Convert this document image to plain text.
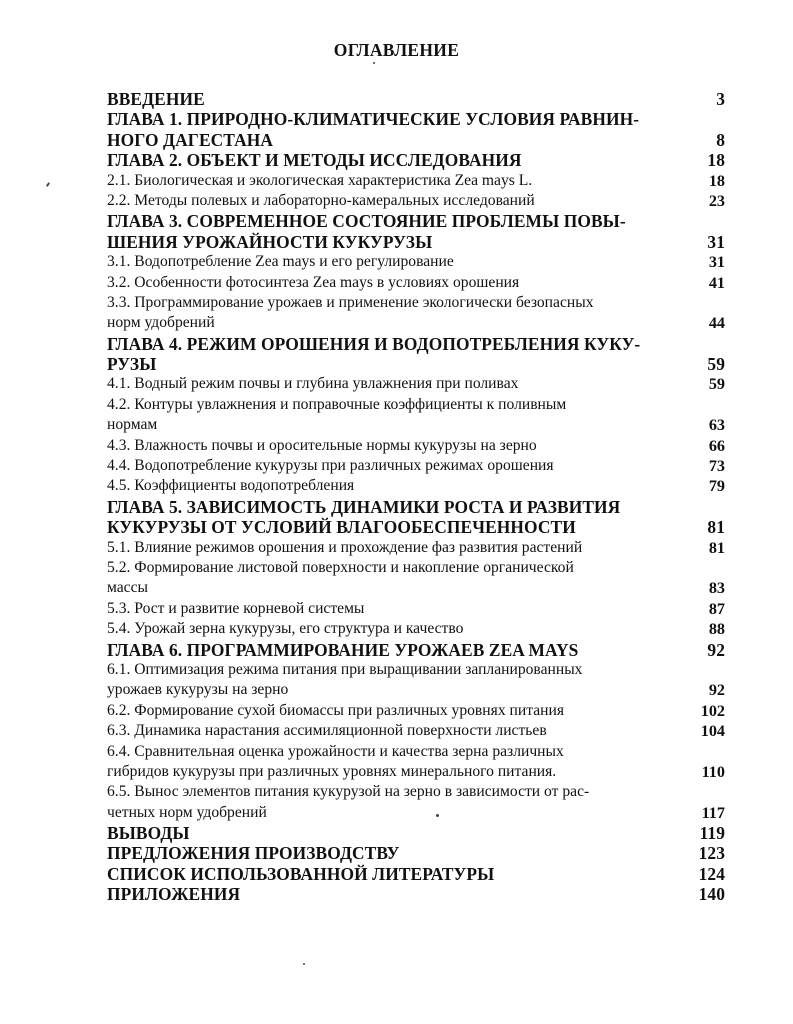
ОГЛАВЛЕНИЕ
ВВЕДЕНИЕ	3
ГЛАВА 1. ПРИРОДНО-КЛИМАТИЧЕСКИЕ УСЛОВИЯ РАВНИН-
НОГО ДАГЕСТАНА	8
ГЛАВА 2. ОБЪЕКТ И МЕТОДЫ ИССЛЕДОВАНИЯ	18
2.1. Биологическая и экологическая характеристика Zea mays L.	18
2.2. Методы полевых и лабораторно-камеральных исследований	23
ГЛАВА 3. СОВРЕМЕННОЕ СОСТОЯНИЕ ПРОБЛЕМЫ ПОВЫ-
ШЕНИЯ УРОЖАЙНОСТИ КУКУРУЗЫ	31
3.1. Водопотребление Zea mays и его регулирование	31
3.2. Особенности фотосинтеза Zea mays в условиях орошения	41
3.3. Программирование урожаев и применение экологически безопасных
норм удобрений	44
ГЛАВА 4. РЕЖИМ ОРОШЕНИЯ И ВОДОПОТРЕБЛЕНИЯ КУКУ-
РУЗЫ	59
4.1. Водный режим почвы и глубина увлажнения при поливах	59
4.2. Контуры увлажнения и поправочные коэффициенты к поливным
нормам	63
4.3. Влажность почвы и оросительные нормы кукурузы на зерно	66
4.4. Водопотребление кукурузы при различных режимах орошения	73
4.5. Коэффициенты водопотребления	79
ГЛАВА 5. ЗАВИСИМОСТЬ ДИНАМИКИ РОСТА И РАЗВИТИЯ
КУКУРУЗЫ ОТ УСЛОВИЙ ВЛАГООБЕСПЕЧЕННОСТИ	81
5.1. Влияние режимов орошения и прохождение фаз развития растений	81
5.2. Формирование листовой поверхности и накопление органической
массы	83
5.3. Рост и развитие корневой системы	87
5.4. Урожай зерна кукурузы, его структура и качество	88
ГЛАВА 6. ПРОГРАММИРОВАНИЕ УРОЖАЕВ ZEA MAYS	92
6.1. Оптимизация режима питания при выращивании запланированных
урожаев кукурузы на зерно	92
6.2. Формирование сухой биомассы при различных уровнях питания	102
6.3. Динамика нарастания ассимиляционной поверхности листьев	104
6.4. Сравнительная оценка урожайности и качества зерна различных
гибридов кукурузы при различных уровнях минерального питания.	110
6.5. Вынос элементов питания кукурузой на зерно в зависимости от рас-
четных норм удобрений	117
ВЫВОДЫ	119
ПРЕДЛОЖЕНИЯ ПРОИЗВОДСТВУ	123
СПИСОК ИСПОЛЬЗОВАННОЙ ЛИТЕРАТУРЫ	124
ПРИЛОЖЕНИЯ	140
